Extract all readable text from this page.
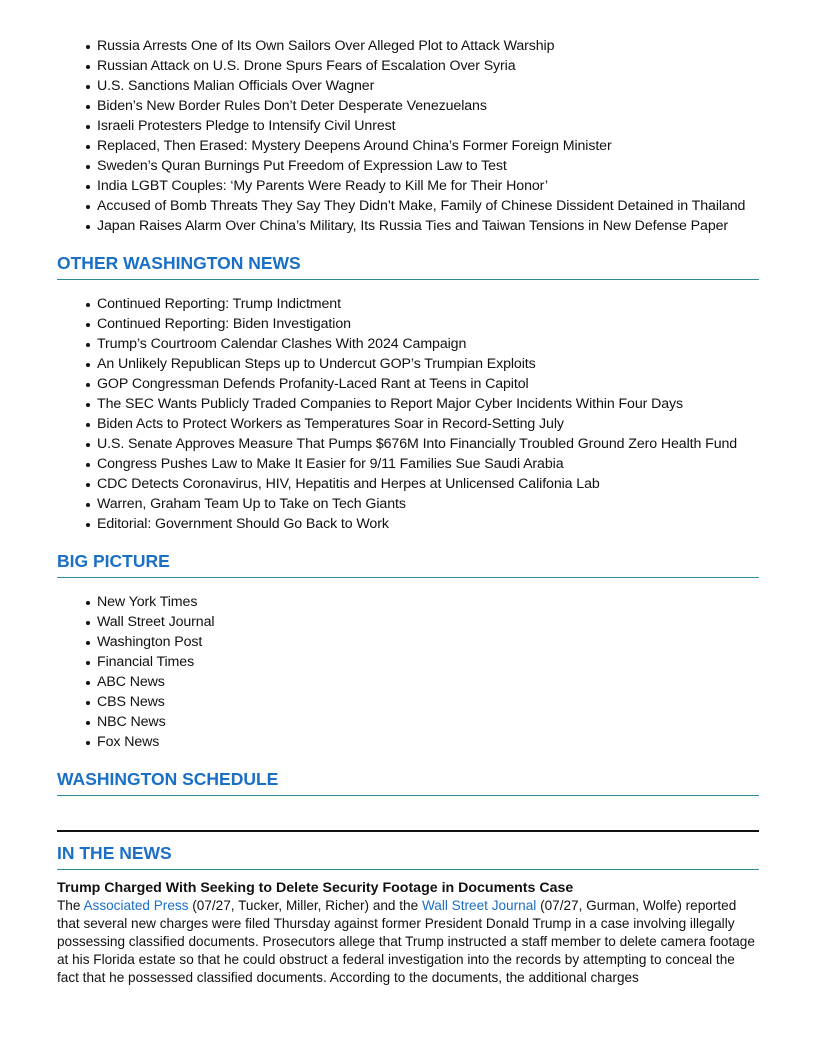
Russia Arrests One of Its Own Sailors Over Alleged Plot to Attack Warship
Russian Attack on U.S. Drone Spurs Fears of Escalation Over Syria
U.S. Sanctions Malian Officials Over Wagner
Biden’s New Border Rules Don’t Deter Desperate Venezuelans
Israeli Protesters Pledge to Intensify Civil Unrest
Replaced, Then Erased: Mystery Deepens Around China’s Former Foreign Minister
Sweden’s Quran Burnings Put Freedom of Expression Law to Test
India LGBT Couples: ‘My Parents Were Ready to Kill Me for Their Honor’
Accused of Bomb Threats They Say They Didn’t Make, Family of Chinese Dissident Detained in Thailand
Japan Raises Alarm Over China’s Military, Its Russia Ties and Taiwan Tensions in New Defense Paper
OTHER WASHINGTON NEWS
Continued Reporting: Trump Indictment
Continued Reporting: Biden Investigation
Trump’s Courtroom Calendar Clashes With 2024 Campaign
An Unlikely Republican Steps up to Undercut GOP’s Trumpian Exploits
GOP Congressman Defends Profanity-Laced Rant at Teens in Capitol
The SEC Wants Publicly Traded Companies to Report Major Cyber Incidents Within Four Days
Biden Acts to Protect Workers as Temperatures Soar in Record-Setting July
U.S. Senate Approves Measure That Pumps $676M Into Financially Troubled Ground Zero Health Fund
Congress Pushes Law to Make It Easier for 9/11 Families Sue Saudi Arabia
CDC Detects Coronavirus, HIV, Hepatitis and Herpes at Unlicensed Califonia Lab
Warren, Graham Team Up to Take on Tech Giants
Editorial: Government Should Go Back to Work
BIG PICTURE
New York Times
Wall Street Journal
Washington Post
Financial Times
ABC News
CBS News
NBC News
Fox News
WASHINGTON SCHEDULE
IN THE NEWS
Trump Charged With Seeking to Delete Security Footage in Documents Case

The Associated Press (07/27, Tucker, Miller, Richer) and the Wall Street Journal (07/27, Gurman, Wolfe) reported that several new charges were filed Thursday against former President Donald Trump in a case involving illegally possessing classified documents. Prosecutors allege that Trump instructed a staff member to delete camera footage at his Florida estate so that he could obstruct a federal investigation into the records by attempting to conceal the fact that he possessed classified documents. According to the documents, the additional charges
